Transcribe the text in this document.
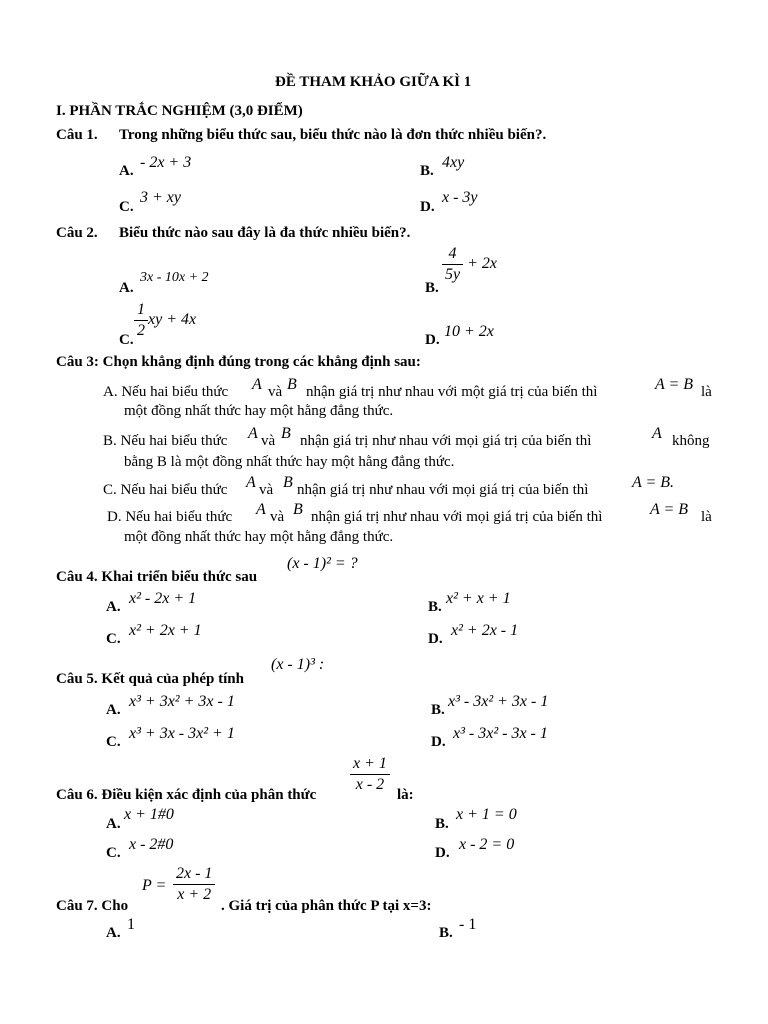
ĐỀ THAM KHẢO GIỮA KÌ 1
I. PHẦN TRẮC NGHIỆM (3,0 ĐIỂM)
Câu 1. Trong những biểu thức sau, biểu thức nào là đơn thức nhiều biến?.
A. - 2x + 3	B. 4xy
C.
3 + xy
D.
x - 3y
Câu 2. Biểu thức nào sau đây là đa thức nhiều biến?.
A.
3x - 10x + 2
B.
$\frac{4}{5y} + 2x$
C. $\frac{1}{2}$ xy + 4x
D. 10 + 2x
Câu 3: Chọn khẳng định đúng trong các khẳng định sau:
A. Nếu hai biểu thức A và B nhận giá trị như nhau với một giá trị của biến thì	A = B là
một đồng nhất thức hay một hằng đẳng thức.
B. Nếu hai biểu thức A và B nhận giá trị như nhau với mọi giá trị của biến thì	A không
bằng B là một đồng nhất thức hay một hằng đẳng thức.
C. Nếu hai biểu thức A và B nhận giá trị như nhau với mọi giá trị của biến thì	A = B.
D. Nếu hai biểu thức A và B nhận giá trị như nhau với mọi giá trị của biến thì	A = B là
một đồng nhất thức hay một hằng đẳng thức.
Câu 4. Khai triển biểu thức sau
(x - 1)² = ?
A. x² - 2x + 1	B. x² + x + 1
C. x² + 2x + 1	D. x² + 2x - 1
Câu 5. Kết quả của phép tính
(x - 1)³ :
A. x³ + 3x² + 3x - 1	B. x³ - 3x² + 3x - 1
C. x³ + 3x - 3x² + 1	D. x³ - 3x² - 3x - 1
Câu 6. Điều kiện xác định của phân thức $\frac{x + 1}{x - 2}$ là:
A.
x + 1#0
B.
x + 1 = 0
C. x - 2#0	D. x - 2 = 0
Câu 7. Cho
$P = \frac{2x - 1}{x + 2}$
. Giá trị của phân thức P tại x=3:
A. 1	B. - 1
